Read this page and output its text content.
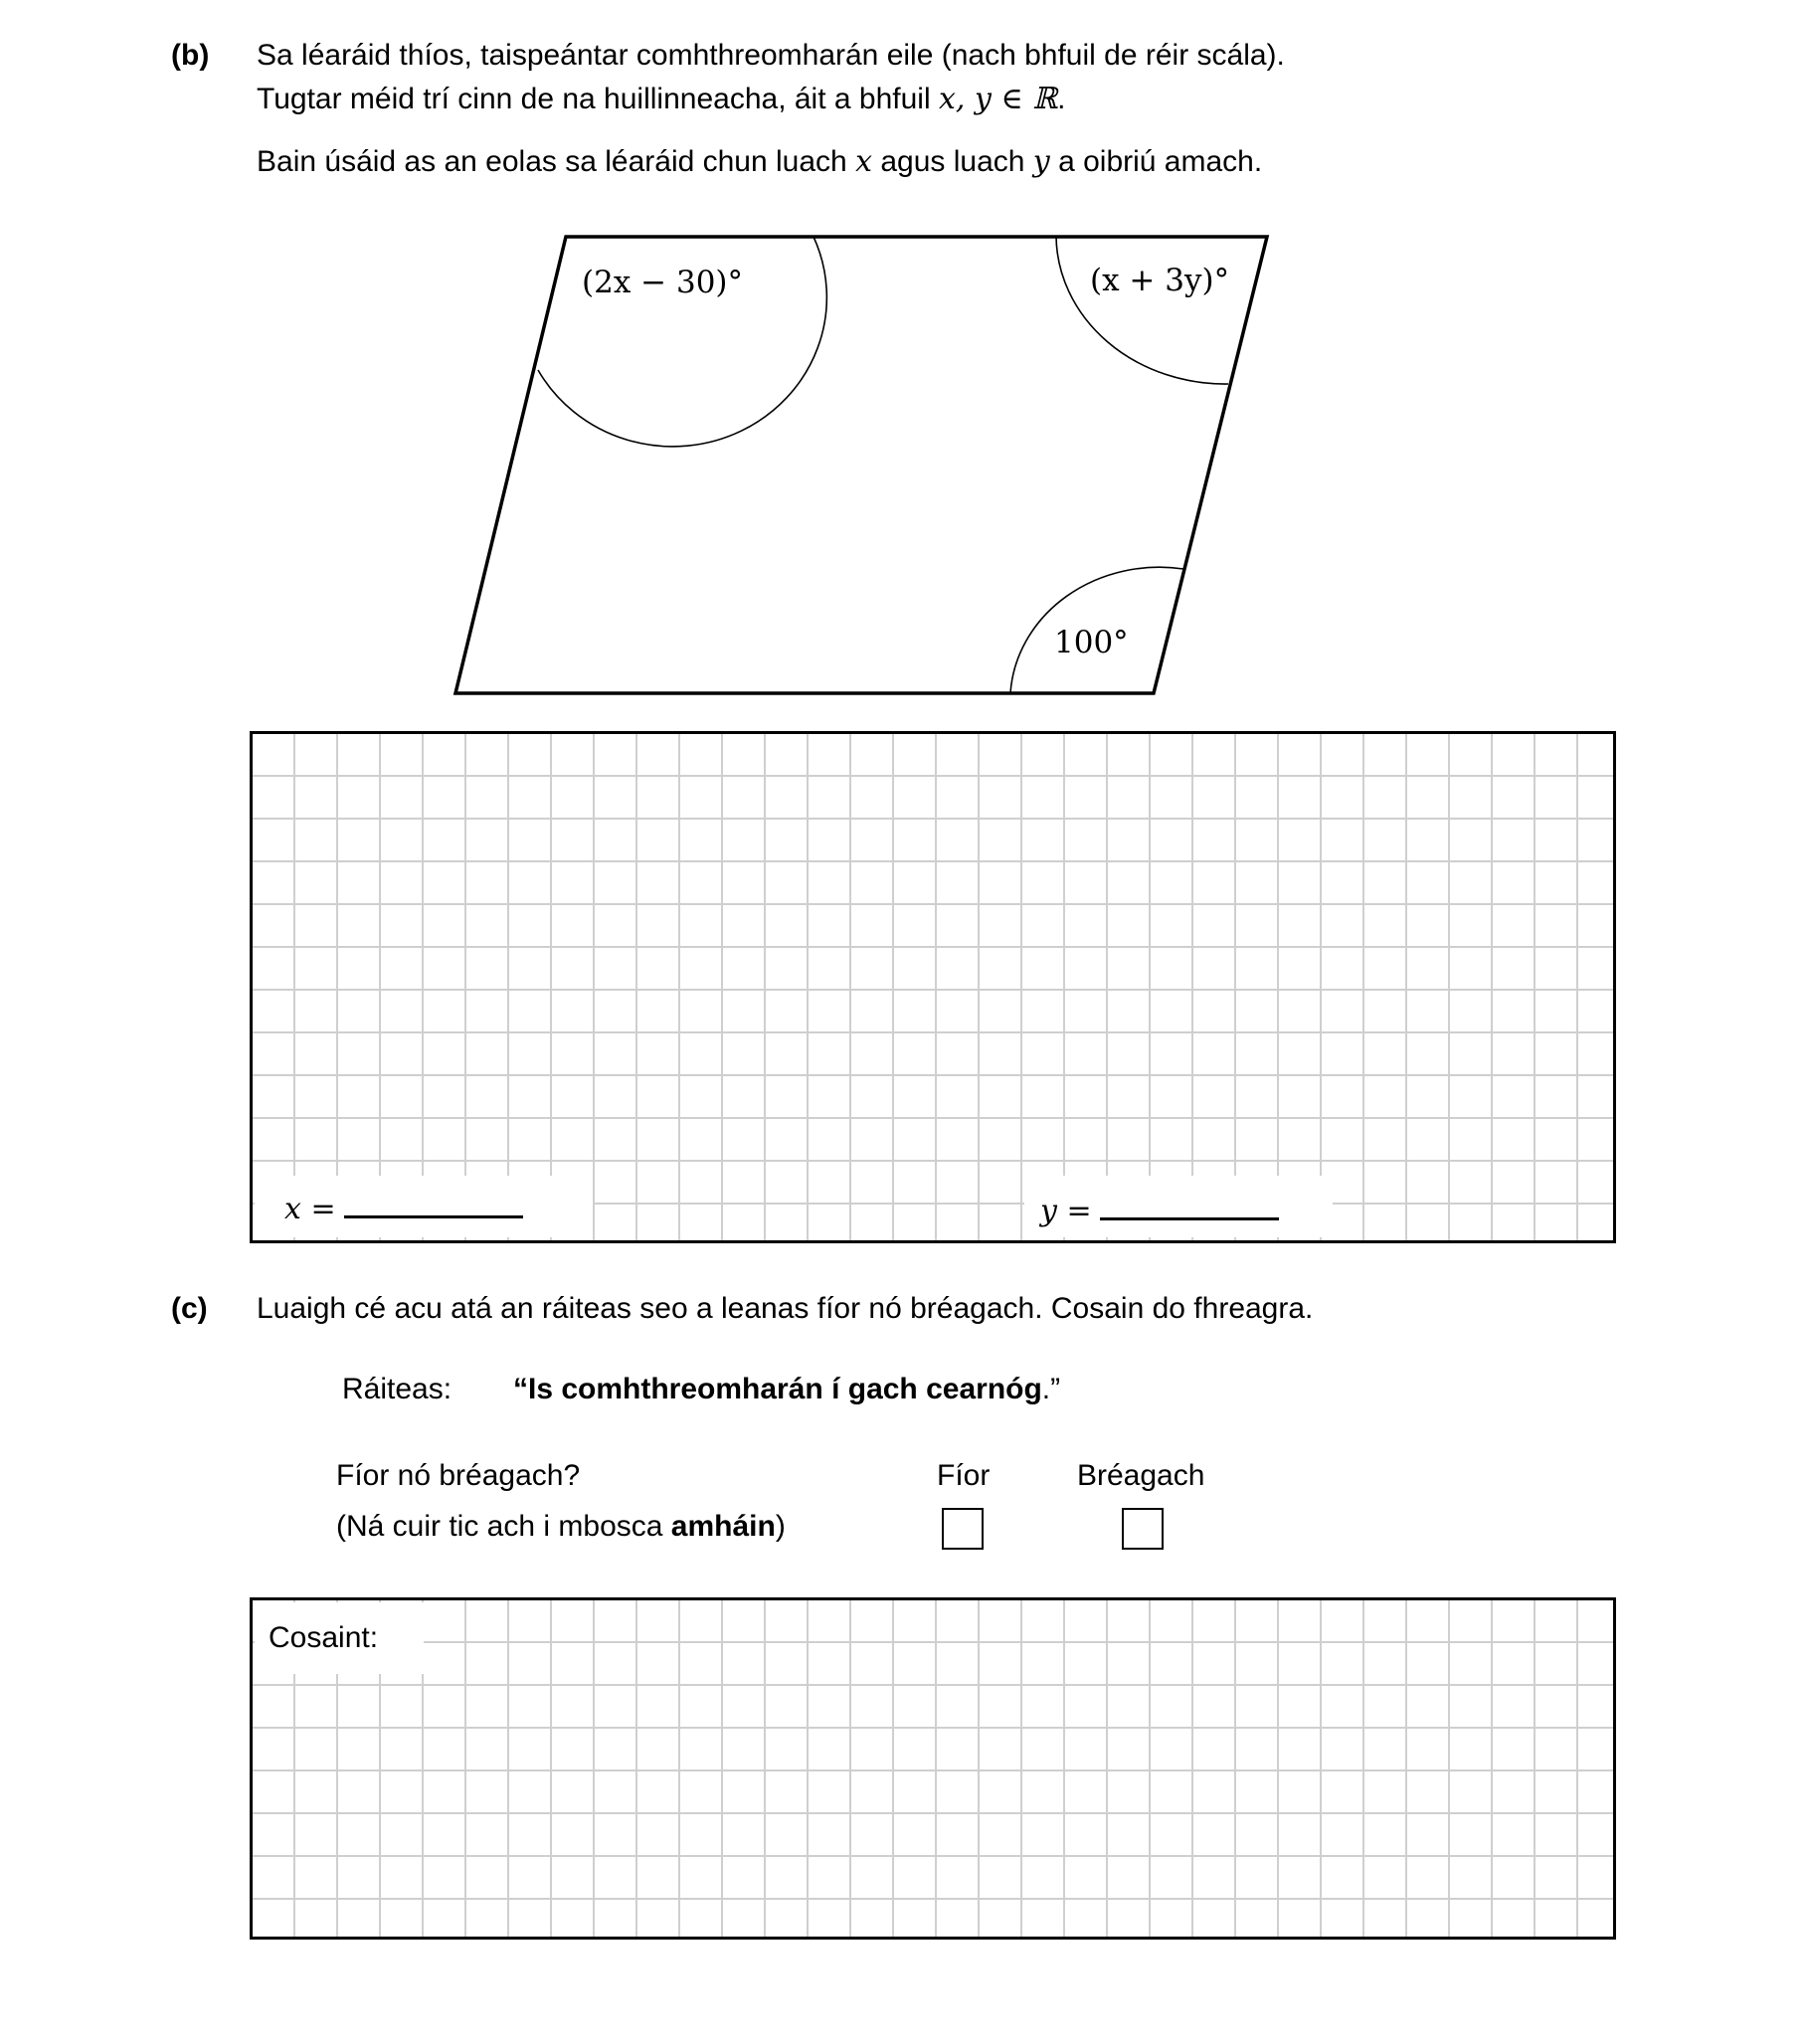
(b) Sa léaráid thíos, taispeántar comhthreomharán eile (nach bhfuil de réir scála).
Tugtar méid trí cinn de na huillinneacha, áit a bhfuil x, y ∈ ℝ.
Bain úsáid as an eolas sa léaráid chun luach x agus luach y a oibriú amach.
(2x − 30)°	(x + 3y)°
100°
x =	y =
(c) Luaigh cé acu atá an ráiteas seo a leanas fíor nó bréagach. Cosain do fhreagra.
Ráiteas: “Is comhthreomharán í gach cearnóg.”
Fíor nó bréagach?
(Ná cuir tic ach i mbosca amháin)
Fíor	Bréagach
Cosaint:
